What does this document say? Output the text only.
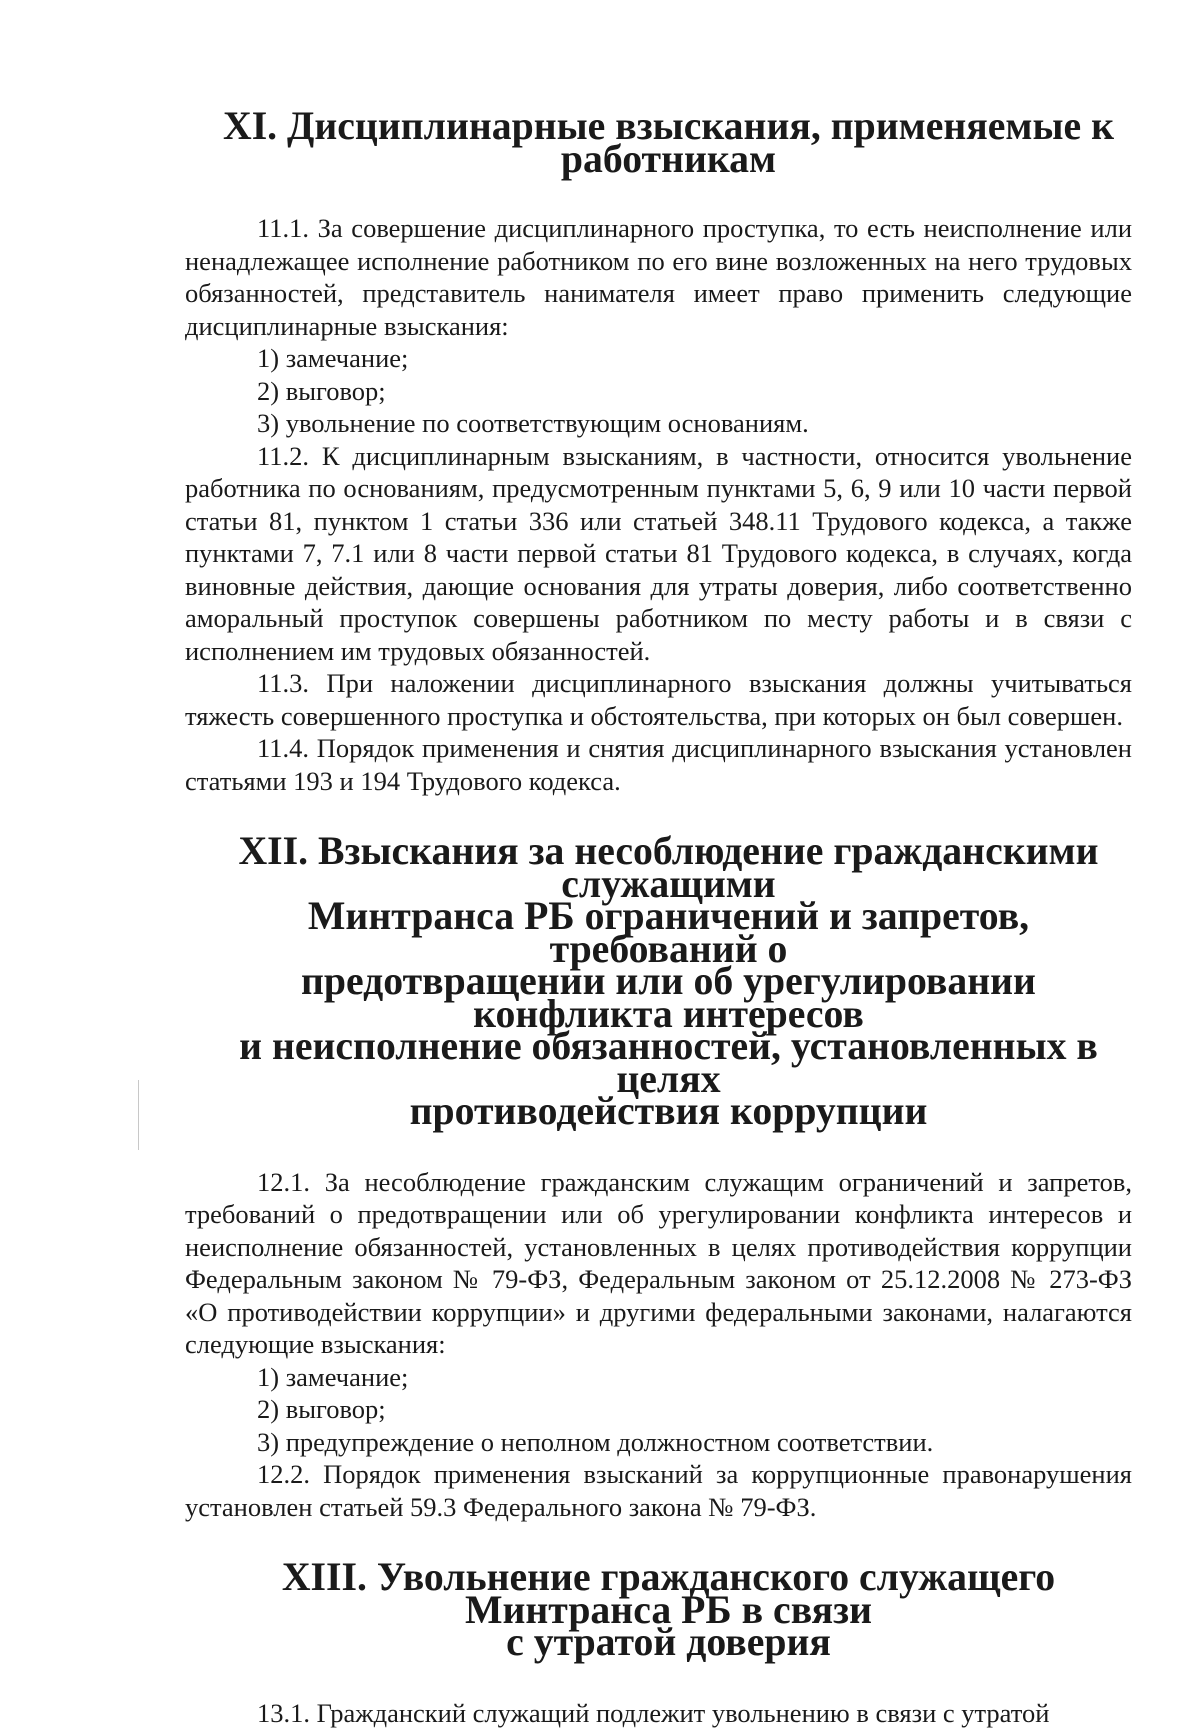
XI. Дисциплинарные взыскания, применяемые к работникам

11.1. За совершение дисциплинарного проступка, то есть неисполнение или ненадлежащее исполнение работником по его вине возложенных на него трудовых обязанностей, представитель нанимателя имеет право применить следующие дисциплинарные взыскания:

1) замечание;

2) выговор;

3) увольнение по соответствующим основаниям.

11.2. К дисциплинарным взысканиям, в частности, относится увольнение работника по основаниям, предусмотренным пунктами 5, 6, 9 или 10 части первой статьи 81, пунктом 1 статьи 336 или статьей 348.11 Трудового кодекса, а также пунктами 7, 7.1 или 8 части первой статьи 81 Трудового кодекса, в случаях, когда виновные действия, дающие основания для утраты доверия, либо соответственно аморальный проступок совершены работником по месту работы и в связи с исполнением им трудовых обязанностей.

11.3. При наложении дисциплинарного взыскания должны учитываться тяжесть совершенного проступка и обстоятельства, при которых он был совершен.

11.4. Порядок применения и снятия дисциплинарного взыскания установлен статьями 193 и 194 Трудового кодекса.

XII. Взыскания за несоблюдение гражданскими служащими
Минтранса РБ ограничений и запретов, требований о
предотвращении или об урегулировании конфликта интересов
и неисполнение обязанностей, установленных в целях
противодействия коррупции

12.1. За несоблюдение гражданским служащим ограничений и запретов, требований о предотвращении или об урегулировании конфликта интересов и неисполнение обязанностей, установленных в целях противодействия коррупции Федеральным законом № 79-ФЗ, Федеральным законом от 25.12.2008 № 273-ФЗ «О противодействии коррупции» и другими федеральными законами, налагаются следующие взыскания:

1) замечание;

2) выговор;

3) предупреждение о неполном должностном соответствии.

12.2. Порядок применения взысканий за коррупционные правонарушения установлен статьей 59.3 Федерального закона № 79-ФЗ.

XIII. Увольнение гражданского служащего Минтранса РБ в связи
с утратой доверия

13.1. Гражданский служащий подлежит увольнению в связи с утратой
